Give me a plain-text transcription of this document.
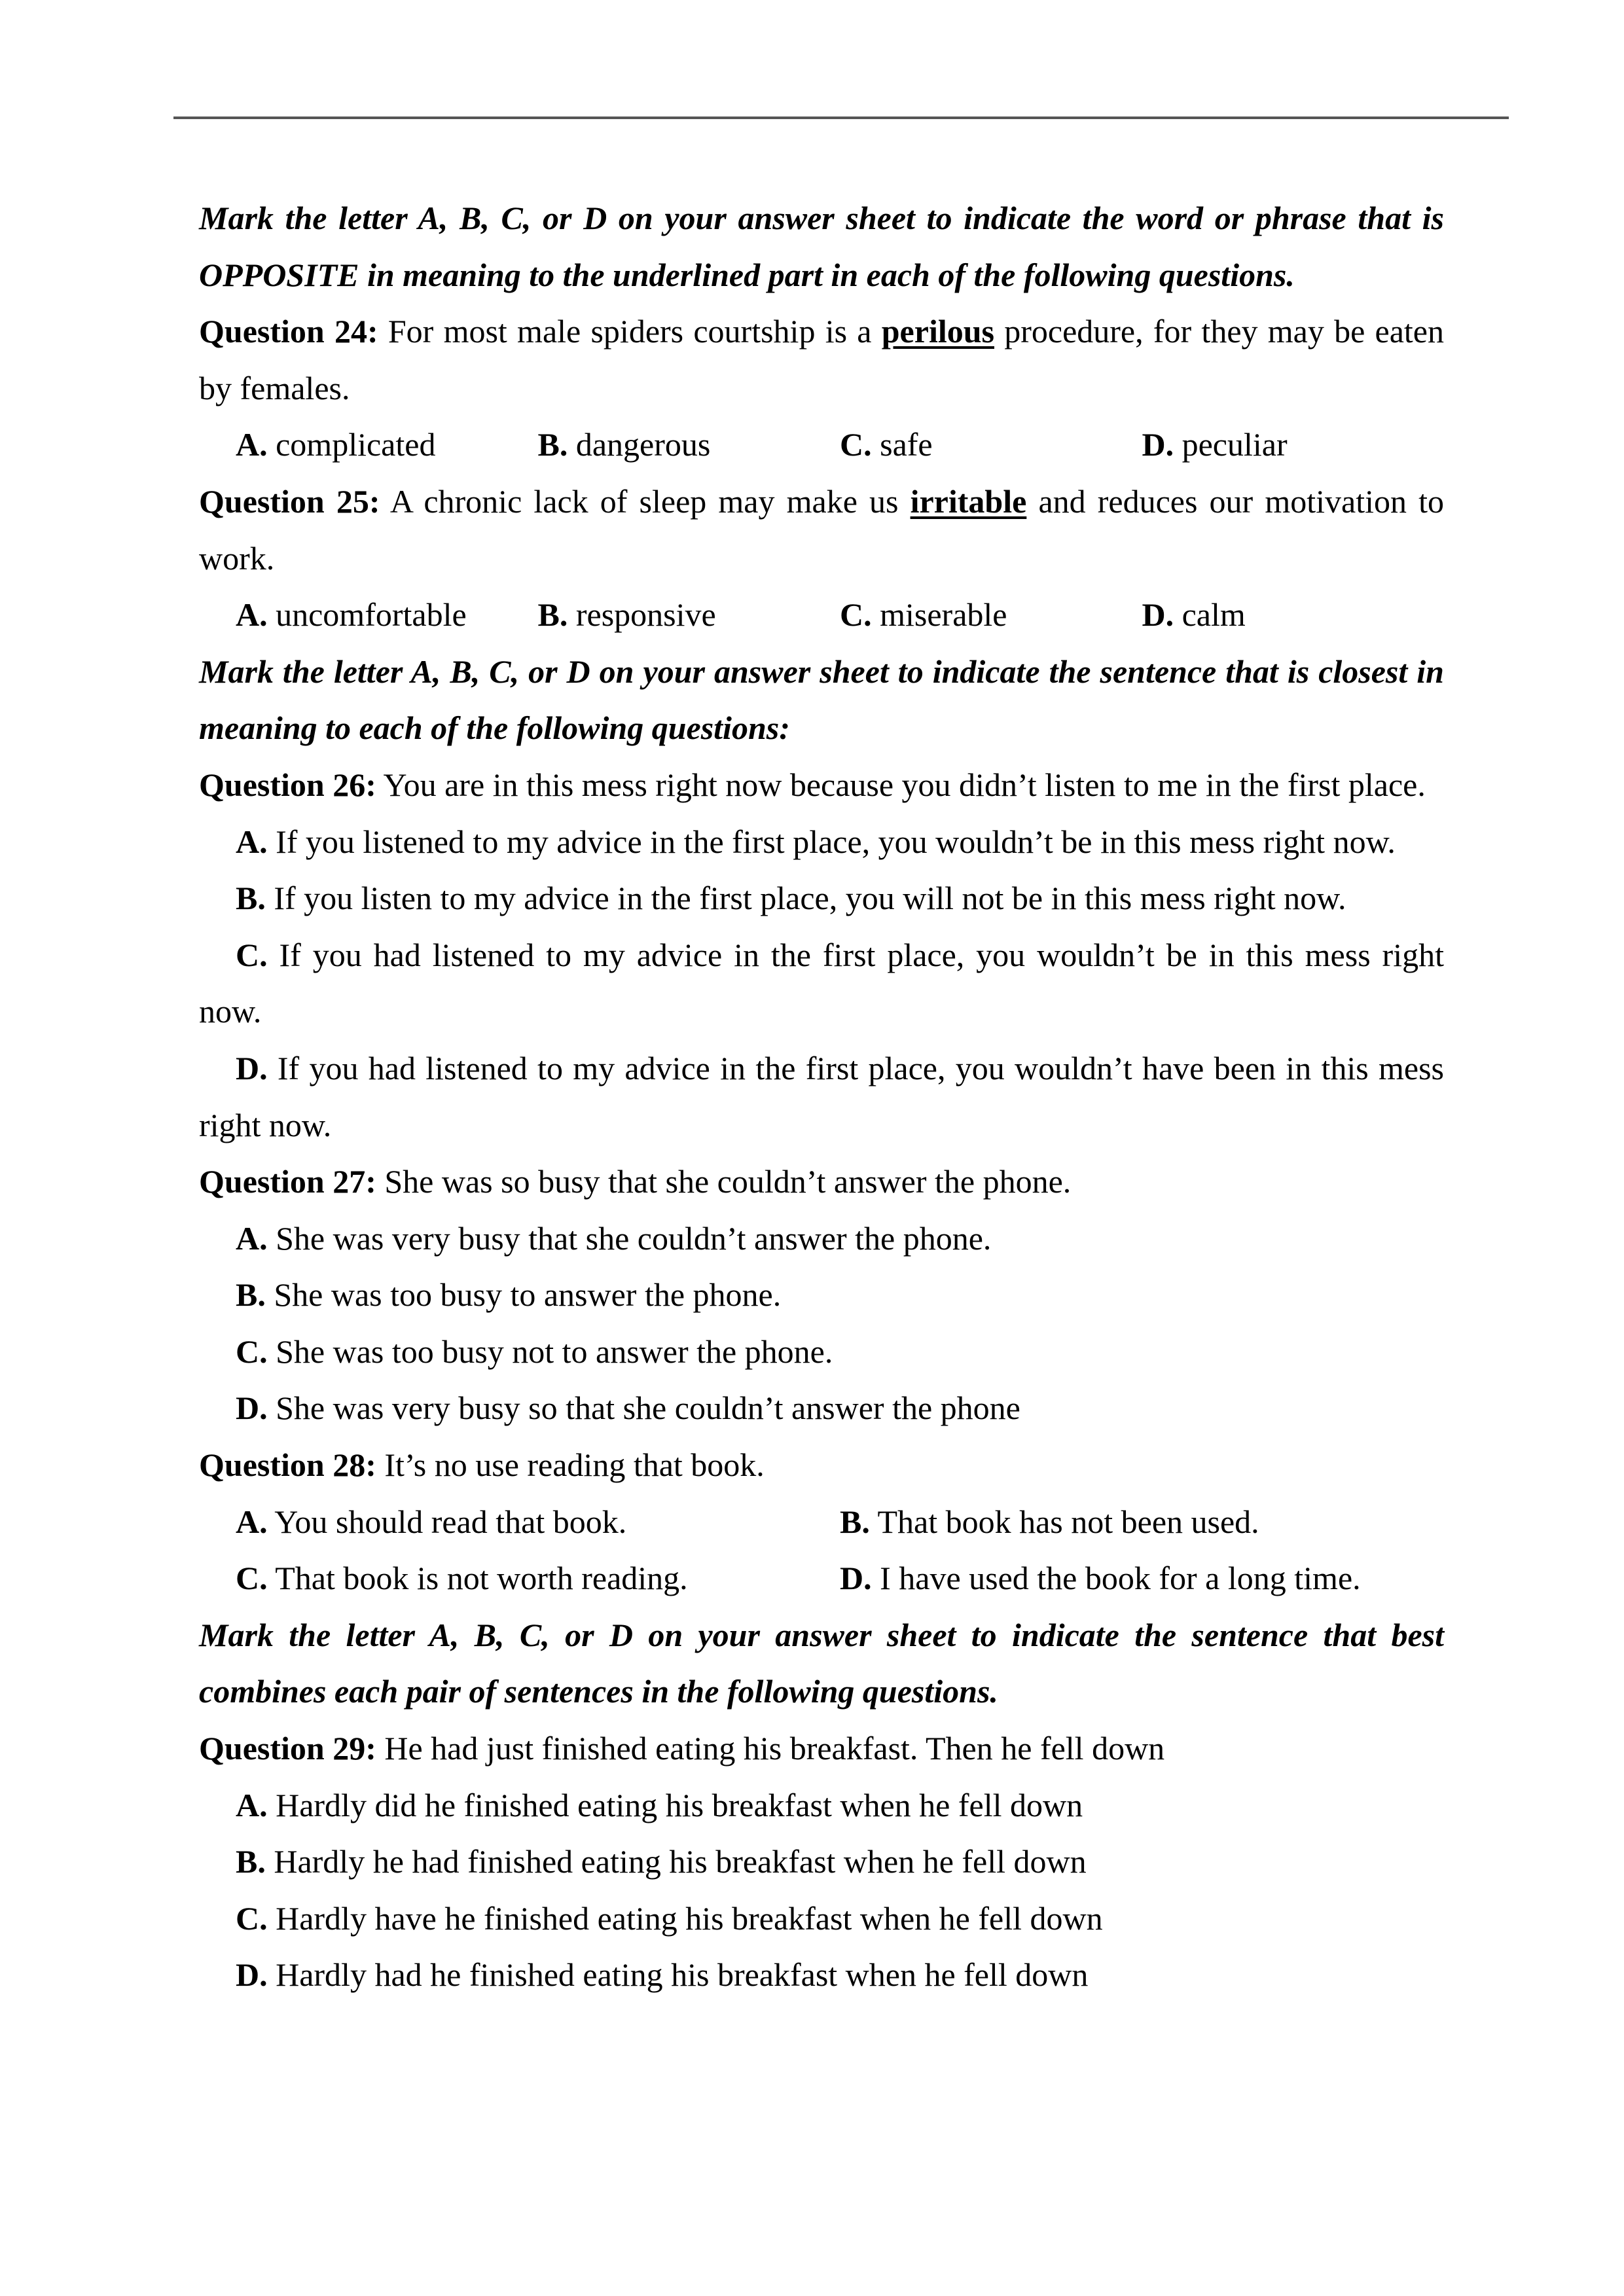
Mark the letter A, B, C, or D on your answer sheet to indicate the word or phrase that is OPPOSITE in meaning to the underlined part in each of the following questions.

Question 24: For most male spiders courtship is a perilous procedure, for they may be eaten by females.

A. complicated	B. dangerous	C. safe	D. peculiar

Question 25: A chronic lack of sleep may make us irritable and reduces our motivation to work.

A. uncomfortable	B. responsive	C. miserable	D. calm

Mark the letter A, B, C, or D on your answer sheet to indicate the sentence that is closest in meaning to each of the following questions:

Question 26: You are in this mess right now because you didn’t listen to me in the first place.

A. If you listened to my advice in the first place, you wouldn’t be in this mess right now.

B. If you listen to my advice in the first place, you will not be in this mess right now.

C. If you had listened to my advice in the first place, you wouldn’t be in this mess right now.

D. If you had listened to my advice in the first place, you wouldn’t have been in this mess right now.

Question 27: She was so busy that she couldn’t answer the phone.

A. She was very busy that she couldn’t answer the phone.

B. She was too busy to answer the phone.

C. She was too busy not to answer the phone.

D. She was very busy so that she couldn’t answer the phone

Question 28: It’s no use reading that book.

A. You should read that book.	B. That book has not been used.
C. That book is not worth reading.	D. I have used the book for a long time.

Mark the letter A, B, C, or D on your answer sheet to indicate the sentence that best combines each pair of sentences in the following questions.

Question 29: He had just finished eating his breakfast. Then he fell down

A. Hardly did he finished eating his breakfast when he fell down

B. Hardly he had finished eating his breakfast when he fell down

C. Hardly have he finished eating his breakfast when he fell down

D. Hardly had he finished eating his breakfast when he fell down
